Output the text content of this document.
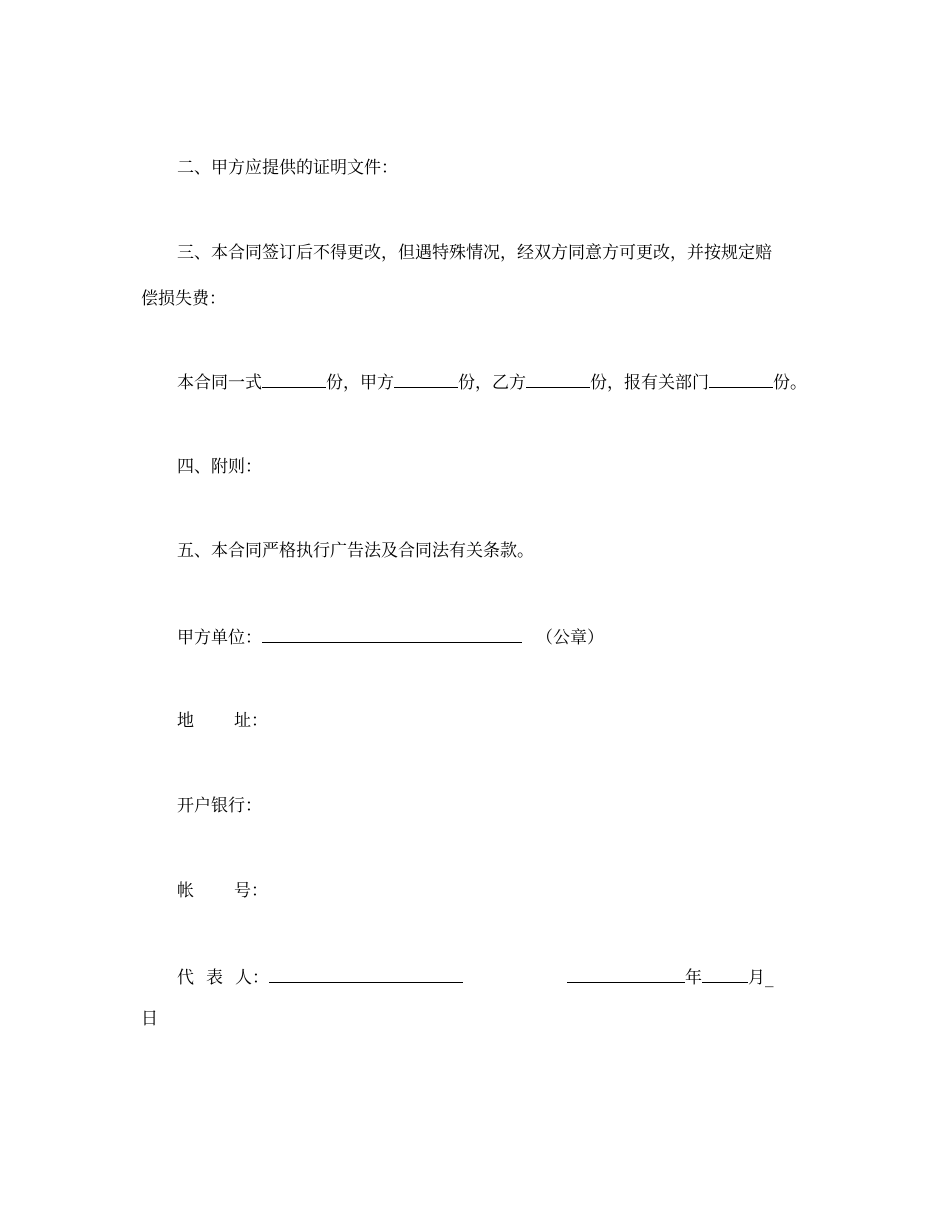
二、甲方应提供的证明文件：
三、本合同签订后不得更改，但遇特殊情况，经双方同意方可更改，并按规定赔
偿损失费：
本合同一式	份，甲方	份，乙方	份，报有关部门	份。
四、附则：
五、本合同严格执行广告法及合同法有关条款。
甲方单位：	（公章）
地 址：
开户银行：
帐 号：
代 表 人：	年	月_
日
